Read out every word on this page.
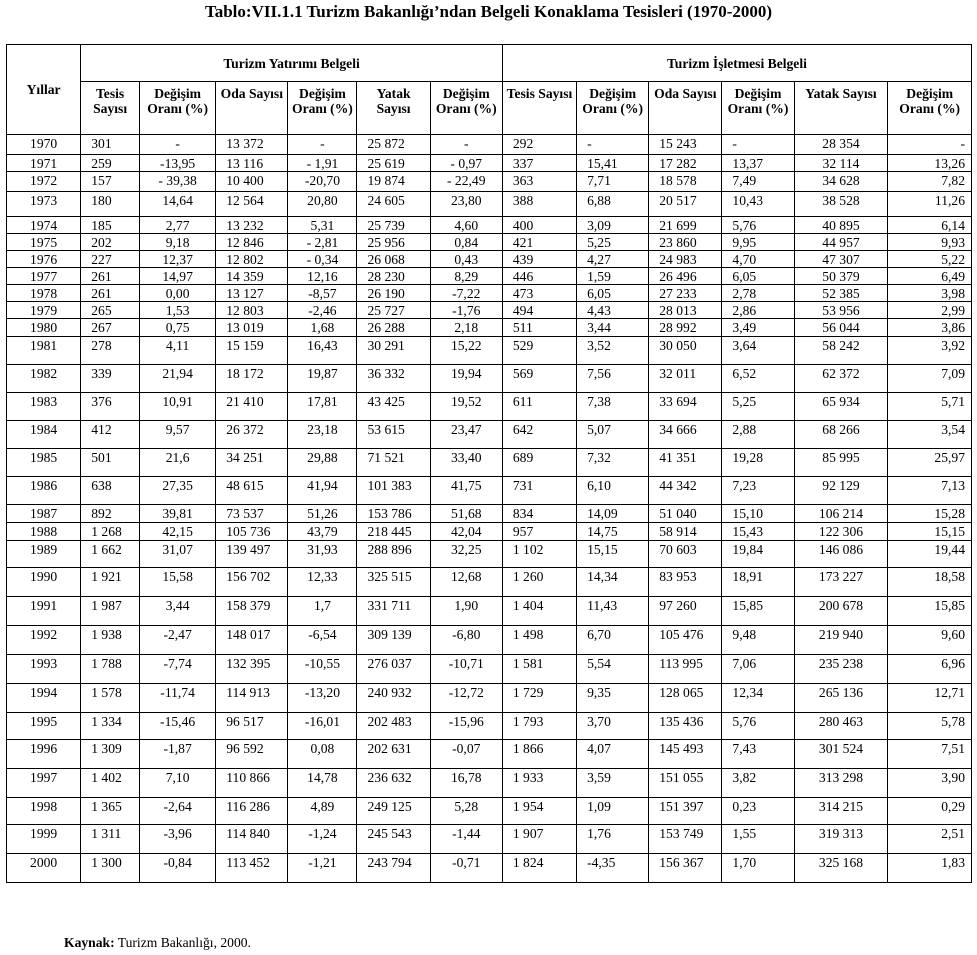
Tablo:VII.1.1 Turizm Bakanlığı’ndan Belgeli Konaklama Tesisleri (1970-2000)
Yıllar	Turizm Yatırımı Belgeli						Turizm İşletmesi Belgeli					
	Tesis Sayısı	Değişim Oranı (%)	Oda Sayısı	Değişim Oranı (%)	Yatak Sayısı	Değişim Oranı (%)	Tesis Sayısı	Değişim Oranı (%)	Oda Sayısı	Değişim Oranı (%)	Yatak Sayısı	Değişim Oranı (%)
1970	301	-	13 372	-	25 872	-	292	-	15 243	-	28 354	-
1971	259	-13,95	13 116	- 1,91	25 619	- 0,97	337	15,41	17 282	13,37	32 114	13,26
1972	157	- 39,38	10 400	-20,70	19 874	- 22,49	363	7,71	18 578	7,49	34 628	7,82
1973	180	14,64	12 564	20,80	24 605	23,80	388	6,88	20 517	10,43	38 528	11,26
1974	185	2,77	13 232	5,31	25 739	4,60	400	3,09	21 699	5,76	40 895	6,14
1975	202	9,18	12 846	- 2,81	25 956	0,84	421	5,25	23 860	9,95	44 957	9,93
1976	227	12,37	12 802	- 0,34	26 068	0,43	439	4,27	24 983	4,70	47 307	5,22
1977	261	14,97	14 359	12,16	28 230	8,29	446	1,59	26 496	6,05	50 379	6,49
1978	261	0,00	13 127	-8,57	26 190	-7,22	473	6,05	27 233	2,78	52 385	3,98
1979	265	1,53	12 803	-2,46	25 727	-1,76	494	4,43	28 013	2,86	53 956	2,99
1980	267	0,75	13 019	1,68	26 288	2,18	511	3,44	28 992	3,49	56 044	3,86
1981	278	4,11	15 159	16,43	30 291	15,22	529	3,52	30 050	3,64	58 242	3,92
1982	339	21,94	18 172	19,87	36 332	19,94	569	7,56	32 011	6,52	62 372	7,09
1983	376	10,91	21 410	17,81	43 425	19,52	611	7,38	33 694	5,25	65 934	5,71
1984	412	9,57	26 372	23,18	53 615	23,47	642	5,07	34 666	2,88	68 266	3,54
1985	501	21,6	34 251	29,88	71 521	33,40	689	7,32	41 351	19,28	85 995	25,97
1986	638	27,35	48 615	41,94	101 383	41,75	731	6,10	44 342	7,23	92 129	7,13
1987	892	39,81	73 537	51,26	153 786	51,68	834	14,09	51 040	15,10	106 214	15,28
1988	1 268	42,15	105 736	43,79	218 445	42,04	957	14,75	58 914	15,43	122 306	15,15
1989	1 662	31,07	139 497	31,93	288 896	32,25	1 102	15,15	70 603	19,84	146 086	19,44
1990	1 921	15,58	156 702	12,33	325 515	12,68	1 260	14,34	83 953	18,91	173 227	18,58
1991	1 987	3,44	158 379	1,7	331 711	1,90	1 404	11,43	97 260	15,85	200 678	15,85
1992	1 938	-2,47	148 017	-6,54	309 139	-6,80	1 498	6,70	105 476	9,48	219 940	9,60
1993	1 788	-7,74	132 395	-10,55	276 037	-10,71	1 581	5,54	113 995	7,06	235 238	6,96
1994	1 578	-11,74	114 913	-13,20	240 932	-12,72	1 729	9,35	128 065	12,34	265 136	12,71
1995	1 334	-15,46	96 517	-16,01	202 483	-15,96	1 793	3,70	135 436	5,76	280 463	5,78
1996	1 309	-1,87	96 592	0,08	202 631	-0,07	1 866	4,07	145 493	7,43	301 524	7,51
1997	1 402	7,10	110 866	14,78	236 632	16,78	1 933	3,59	151 055	3,82	313 298	3,90
1998	1 365	-2,64	116 286	4,89	249 125	5,28	1 954	1,09	151 397	0,23	314 215	0,29
1999	1 311	-3,96	114 840	-1,24	245 543	-1,44	1 907	1,76	153 749	1,55	319 313	2,51
2000	1 300	-0,84	113 452	-1,21	243 794	-0,71	1 824	-4,35	156 367	1,70	325 168	1,83
Kaynak: Turizm Bakanlığı, 2000.
